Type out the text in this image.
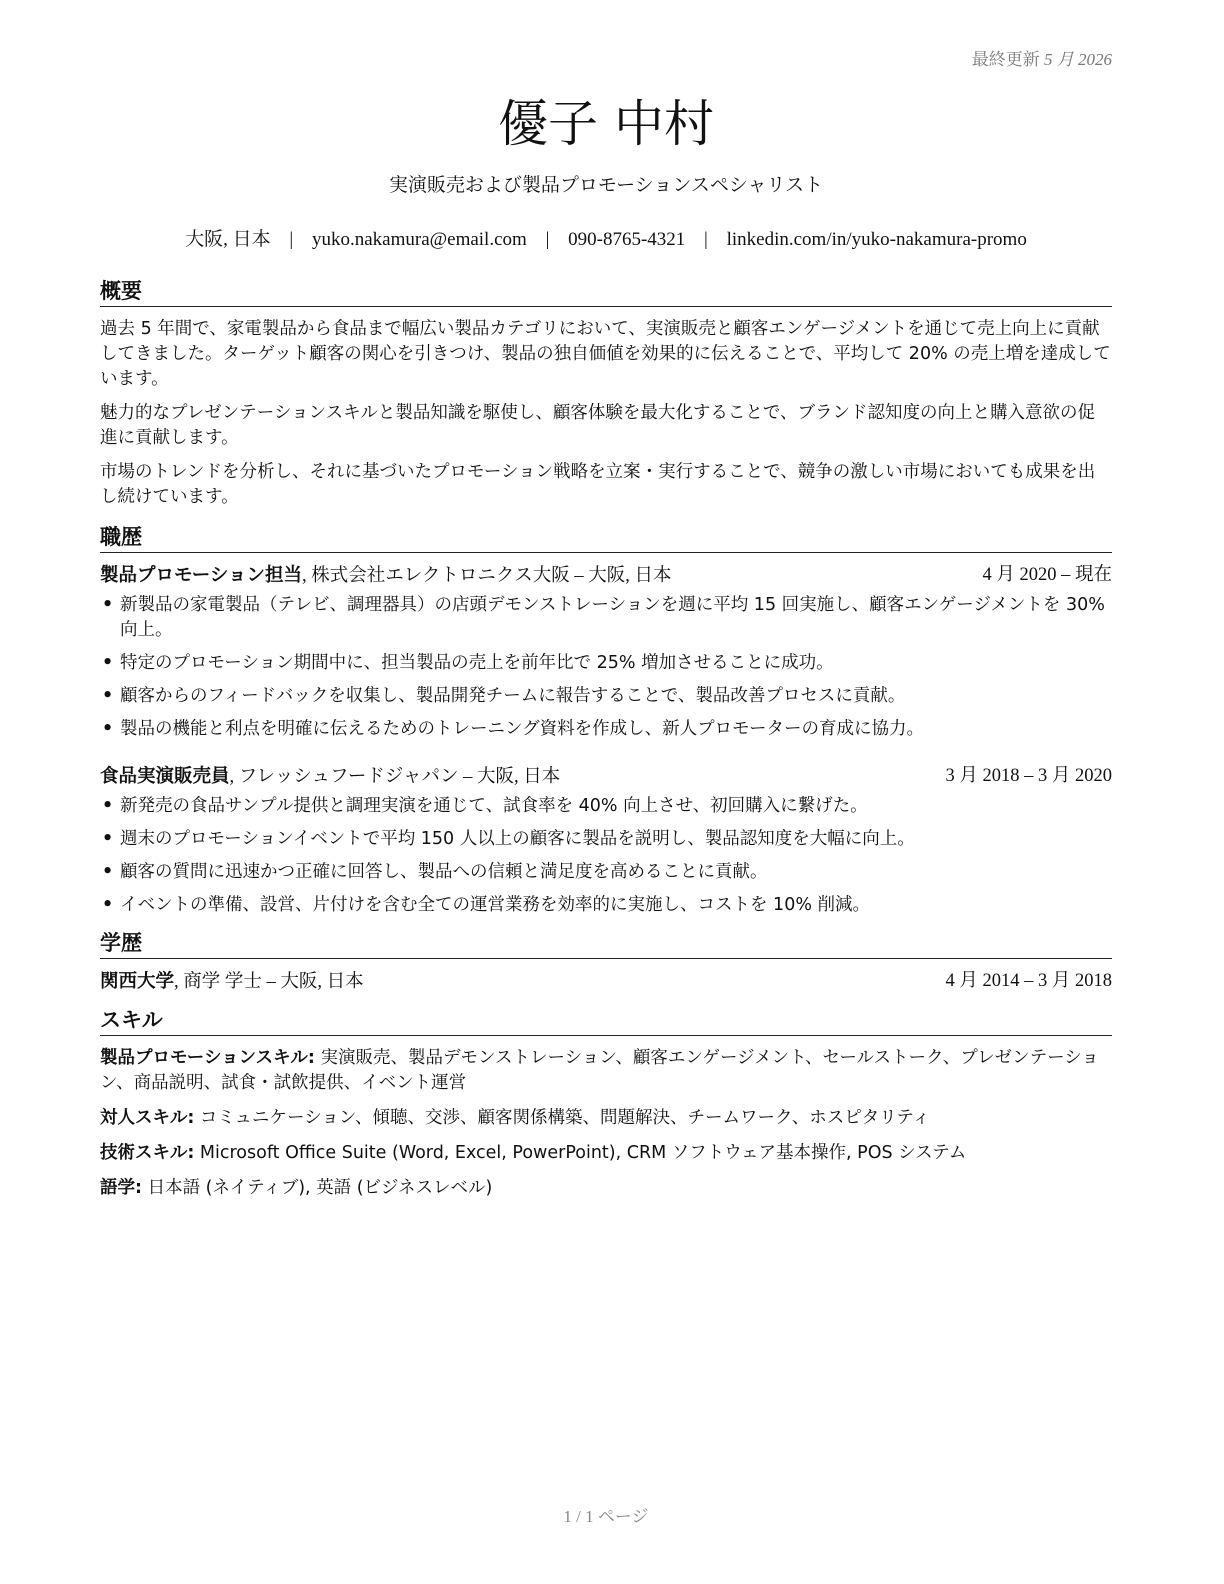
最終更新 5 月 2026
優子 中村
実演販売および製品プロモーションスペシャリスト
大阪, 日本 | yuko.nakamura@email.com | 090-8765-4321 | linkedin.com/in/yuko-nakamura-promo
概要

過去 5 年間で、家電製品から食品まで幅広い製品カテゴリにおいて、実演販売と顧客エンゲージメントを通じて売上向上に貢献してきました。ターゲット顧客の関心を引きつけ、製品の独自価値を効果的に伝えることで、平均して 20% の売上増を達成しています。

魅力的なプレゼンテーションスキルと製品知識を駆使し、顧客体験を最大化することで、ブランド認知度の向上と購入意欲の促進に貢献します。

市場のトレンドを分析し、それに基づいたプロモーション戦略を立案・実行することで、競争の激しい市場においても成果を出し続けています。

職歴
製品プロモーション担当, 株式会社エレクトロニクス大阪 – 大阪, 日本	4 月 2020 – 現在
• 新製品の家電製品（テレビ、調理器具）の店頭デモンストレーションを週に平均 15 回実施し、顧客エンゲージメントを 30% 向上。
• 特定のプロモーション期間中に、担当製品の売上を前年比で 25% 増加させることに成功。
• 顧客からのフィードバックを収集し、製品開発チームに報告することで、製品改善プロセスに貢献。
• 製品の機能と利点を明確に伝えるためのトレーニング資料を作成し、新人プロモーターの育成に協力。
食品実演販売員, フレッシュフードジャパン – 大阪, 日本	3 月 2018 – 3 月 2020
• 新発売の食品サンプル提供と調理実演を通じて、試食率を 40% 向上させ、初回購入に繋げた。
• 週末のプロモーションイベントで平均 150 人以上の顧客に製品を説明し、製品認知度を大幅に向上。
• 顧客の質問に迅速かつ正確に回答し、製品への信頼と満足度を高めることに貢献。
• イベントの準備、設営、片付けを含む全ての運営業務を効率的に実施し、コストを 10% 削減。
学歴
関西大学, 商学 学士 – 大阪, 日本	4 月 2014 – 3 月 2018
スキル

製品プロモーションスキル: 実演販売、製品デモンストレーション、顧客エンゲージメント、セールストーク、プレゼンテーション、商品説明、試食・試飲提供、イベント運営

対人スキル: コミュニケーション、傾聴、交渉、顧客関係構築、問題解決、チームワーク、ホスピタリティ

技術スキル: Microsoft Office Suite (Word, Excel, PowerPoint), CRM ソフトウェア基本操作, POS システム

語学: 日本語 (ネイティブ), 英語 (ビジネスレベル)

1 / 1 ページ
